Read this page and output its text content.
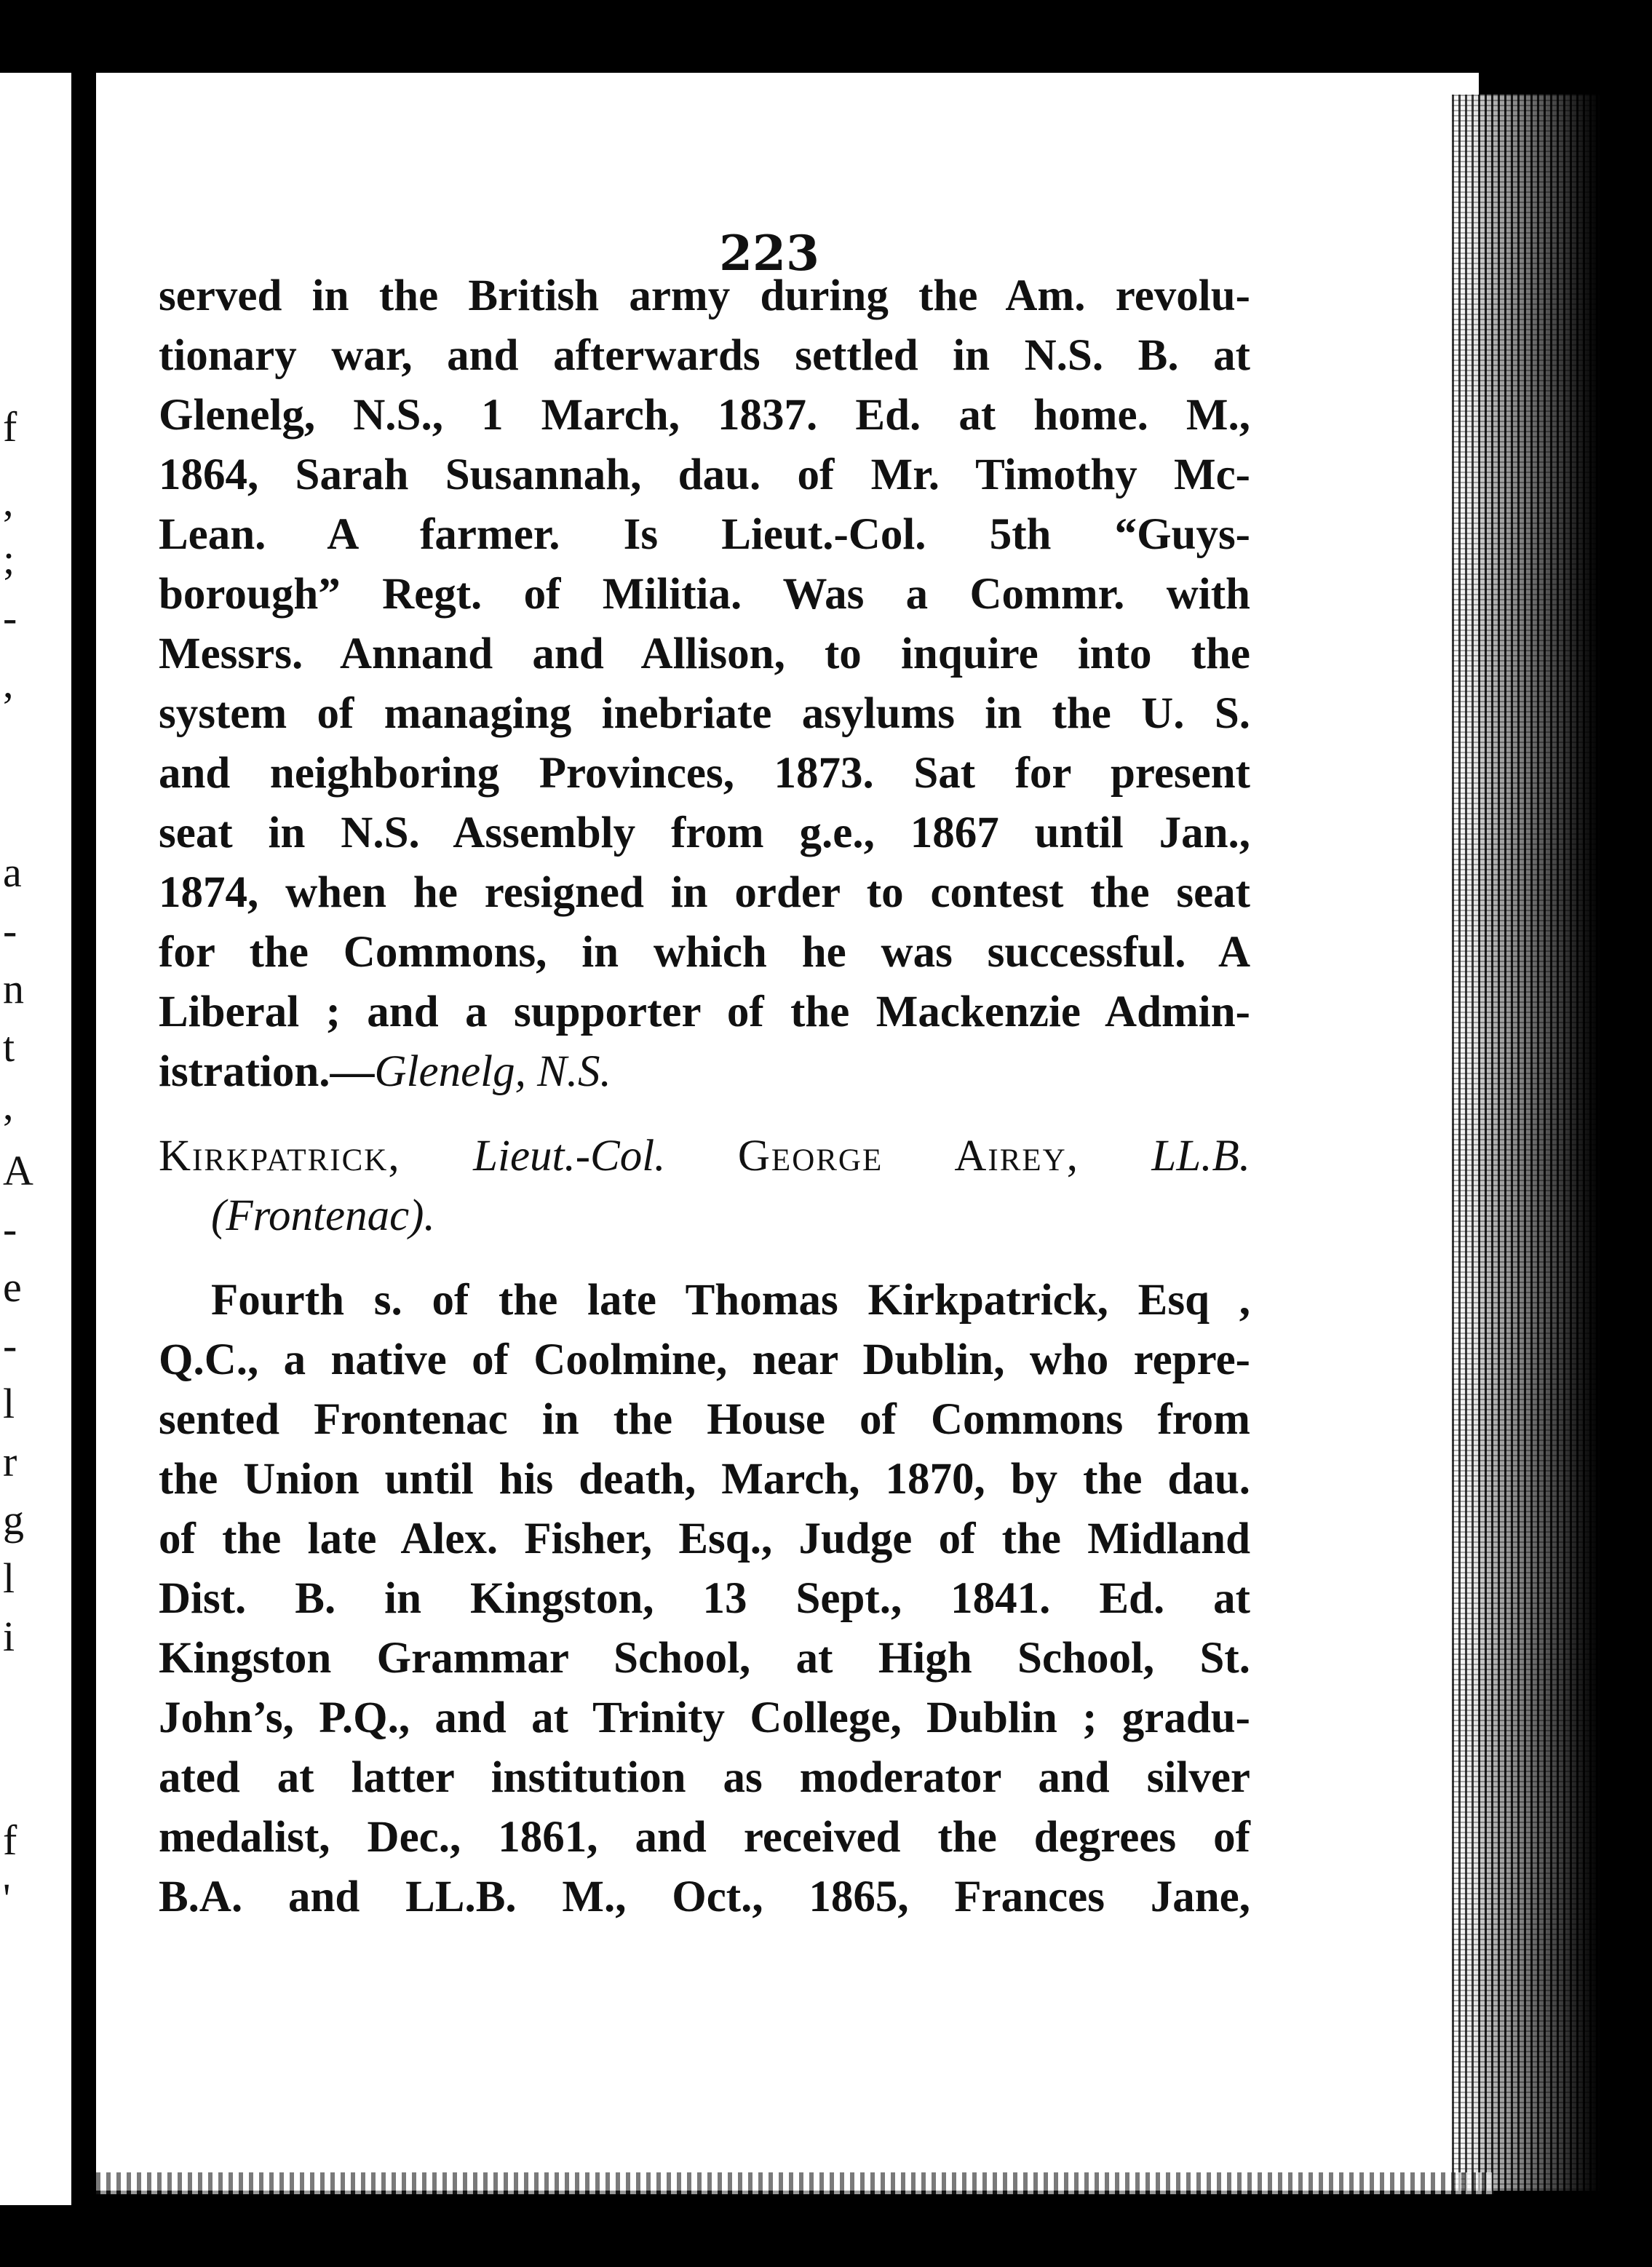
f
,
;
-
,
a
-
n
t
,
A
-
e
-
l
r
g
l
i
f
'
223
served in the British army during the Am. revolu-
tionary war, and afterwards settled in N.S. B. at
Glenelg, N.S., 1 March, 1837. Ed. at home. M.,
1864, Sarah Susannah, dau. of Mr. Timothy Mc-
Lean. A farmer. Is Lieut.-Col. 5th “Guys-
borough” Regt. of Militia. Was a Commr. with
Messrs. Annand and Allison, to inquire into the
system of managing inebriate asylums in the U. S.
and neighboring Provinces, 1873. Sat for present
seat in N.S. Assembly from g.e., 1867 until Jan.,
1874, when he resigned in order to contest the seat
for the Commons, in which he was successful. A
Liberal ; and a supporter of the Mackenzie Admin-
istration.—Glenelg, N.S.
Kirkpatrick, Lieut.-Col. George Airey, LL.B.
(Frontenac).
Fourth s. of the late Thomas Kirkpatrick, Esq ,
Q.C., a native of Coolmine, near Dublin, who repre-
sented Frontenac in the House of Commons from
the Union until his death, March, 1870, by the dau.
of the late Alex. Fisher, Esq., Judge of the Midland
Dist. B. in Kingston, 13 Sept., 1841. Ed. at
Kingston Grammar School, at High School, St.
John’s, P.Q., and at Trinity College, Dublin ; gradu-
ated at latter institution as moderator and silver
medalist, Dec., 1861, and received the degrees of
B.A. and LL.B. M., Oct., 1865, Frances Jane,
